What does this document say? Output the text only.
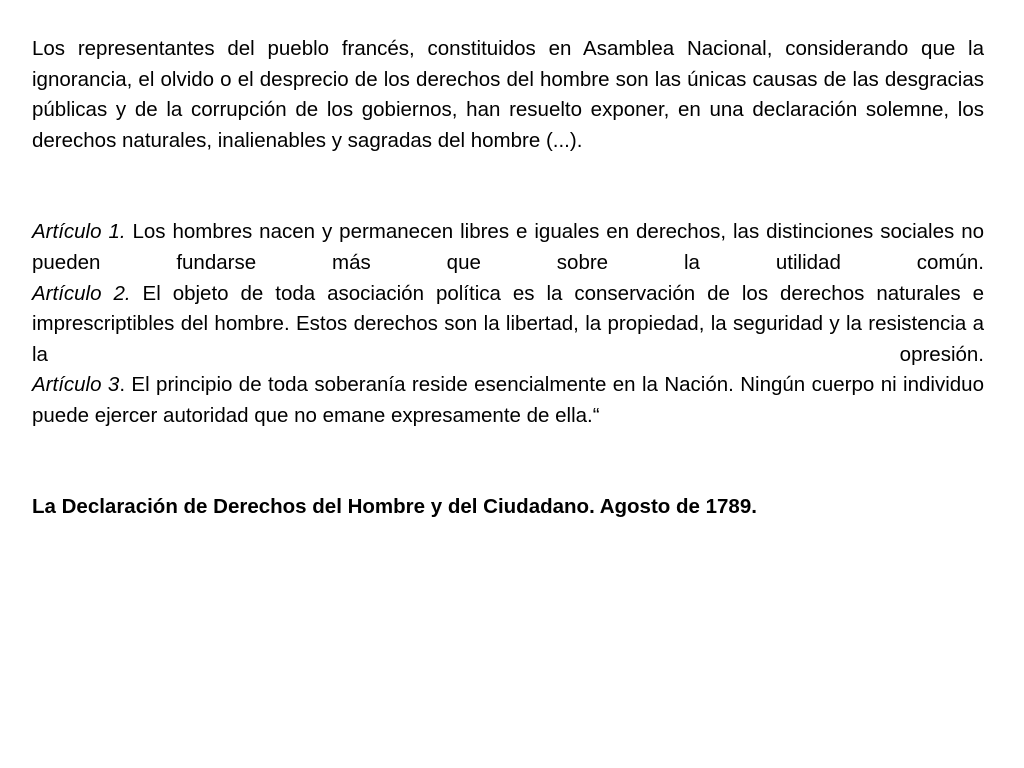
Los representantes del pueblo francés, constituidos en Asamblea Nacional, considerando que la ignorancia, el olvido o el desprecio de los derechos del hombre son las únicas causas de las desgracias públicas y de la corrupción de los gobiernos, han resuelto exponer, en una declaración solemne, los derechos naturales, inalienables y sagradas del hombre (...).

Artículo 1. Los hombres nacen y permanecen libres e iguales en derechos, las distinciones sociales no pueden fundarse más que sobre la utilidad común.
Artículo 2. El objeto de toda asociación política es la conservación de los derechos naturales e imprescriptibles del hombre. Estos derechos son la libertad, la propiedad, la seguridad y la resistencia a la opresión.
Artículo 3. El principio de toda soberanía reside esencialmente en la Nación. Ningún cuerpo ni individuo puede ejercer autoridad que no emane expresamente de ella.“

La Declaración de Derechos del Hombre y del Ciudadano. Agosto de 1789.
